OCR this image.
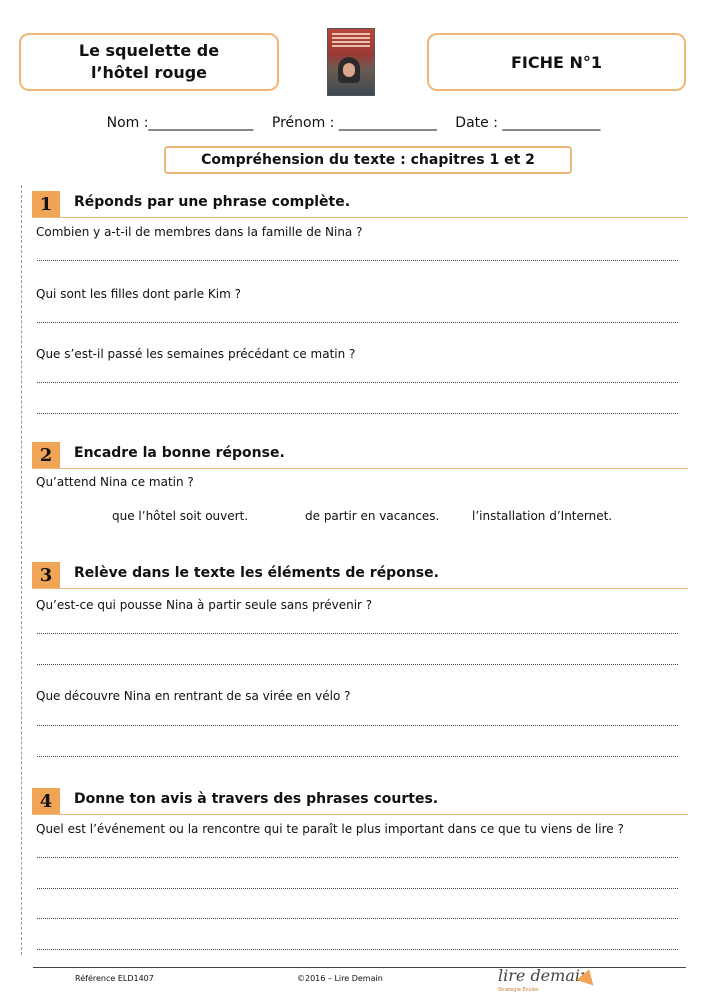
Le squelette de
l’hôtel rouge
FICHE N°1
Nom :_______________ Prénom : ______________ Date : ______________
Compréhension du texte : chapitres 1 et 2
1	Réponds par une phrase complète.
Combien y a-t-il de membres dans la famille de Nina ?
Qui sont les filles dont parle Kim ?
Que s’est-il passé les semaines précédant ce matin ?
2	Encadre la bonne réponse.
Qu’attend Nina ce matin ?
que l’hôtel soit ouvert.	de partir en vacances.	l’installation d’Internet.
3	Relève dans le texte les éléments de réponse.
Qu’est-ce qui pousse Nina à partir seule sans prévenir ?
Que découvre Nina en rentrant de sa virée en vélo ?
4	Donne ton avis à travers des phrases courtes.
Quel est l’événement ou la rencontre qui te paraît le plus important dans ce que tu viens de lire ?
Référence ELD1407	©2016 – Lire Demain	lire demain
Strategie Ecoles
